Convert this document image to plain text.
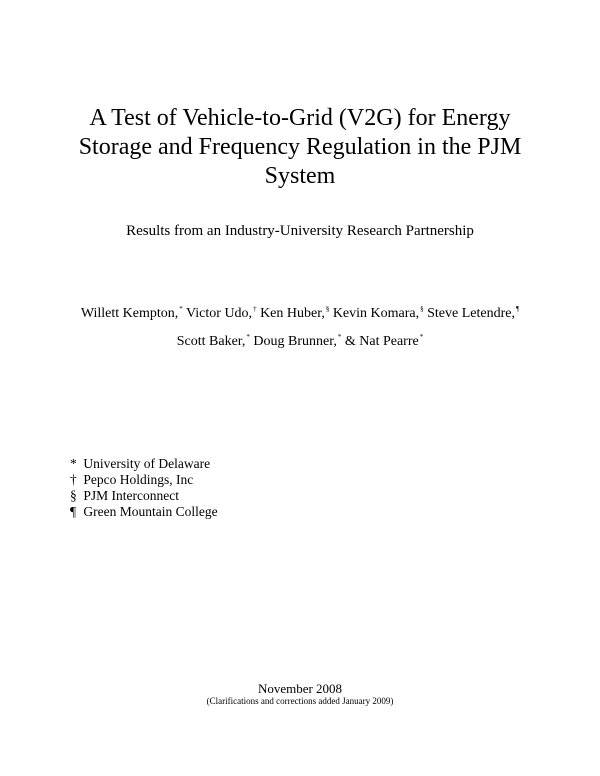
A Test of Vehicle-to-Grid (V2G) for Energy
Storage and Frequency Regulation in the PJM
System
Results from an Industry-University Research Partnership
Willett Kempton,* Victor Udo,† Ken Huber,§ Kevin Komara,§ Steve Letendre,¶
Scott Baker,* Doug Brunner,* & Nat Pearre*
* University of Delaware
† Pepco Holdings, Inc
§ PJM Interconnect
¶ Green Mountain College
November 2008
(Clarifications and corrections added January 2009)
